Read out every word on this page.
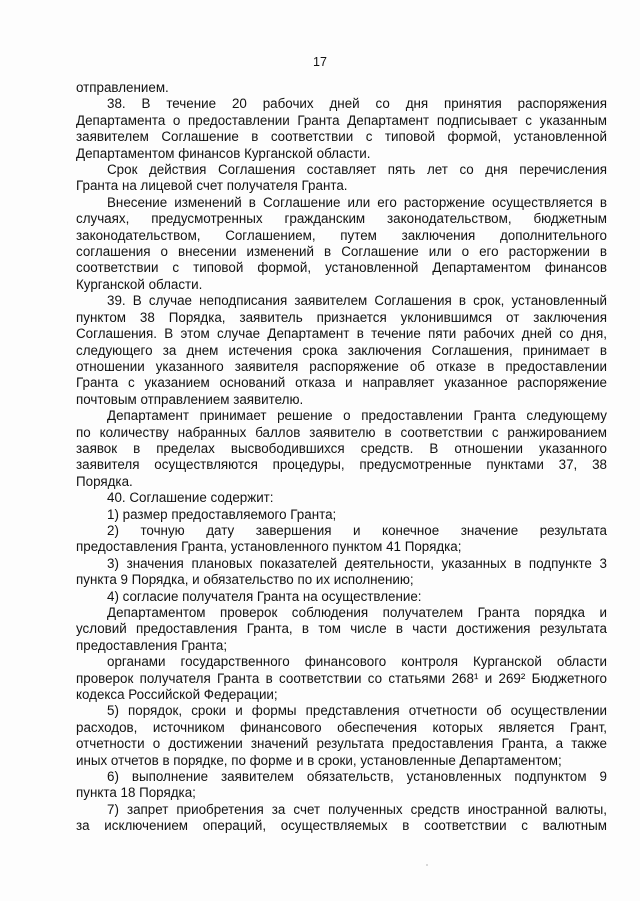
17

отправлением.

38. В течение 20 рабочих дней со дня принятия распоряжения

Департамента о предоставлении Гранта Департамент подписывает с указанным

заявителем Соглашение в соответствии с типовой формой, установленной

Департаментом финансов Курганской области.

Срок действия Соглашения составляет пять лет со дня перечисления

Гранта на лицевой счет получателя Гранта.

Внесение изменений в Соглашение или его расторжение осуществляется в

случаях, предусмотренных гражданским законодательством, бюджетным

законодательством, Соглашением, путем заключения дополнительного

соглашения о внесении изменений в Соглашение или о его расторжении в

соответствии с типовой формой, установленной Департаментом финансов

Курганской области.

39. В случае неподписания заявителем Соглашения в срок, установленный

пунктом 38 Порядка, заявитель признается уклонившимся от заключения

Соглашения. В этом случае Департамент в течение пяти рабочих дней со дня,

следующего за днем истечения срока заключения Соглашения, принимает в

отношении указанного заявителя распоряжение об отказе в предоставлении

Гранта с указанием оснований отказа и направляет указанное распоряжение

почтовым отправлением заявителю.

Департамент принимает решение о предоставлении Гранта следующему

по количеству набранных баллов заявителю в соответствии с ранжированием

заявок в пределах высвободившихся средств. В отношении указанного

заявителя осуществляются процедуры, предусмотренные пунктами 37, 38

Порядка.

40. Соглашение содержит:

1) размер предоставляемого Гранта;

2) точную дату завершения и конечное значение результата

предоставления Гранта, установленного пунктом 41 Порядка;

3) значения плановых показателей деятельности, указанных в подпункте 3

пункта 9 Порядка, и обязательство по их исполнению;

4) согласие получателя Гранта на осуществление:

Департаментом проверок соблюдения получателем Гранта порядка и

условий предоставления Гранта, в том числе в части достижения результата

предоставления Гранта;

органами государственного финансового контроля Курганской области

проверок получателя Гранта в соответствии со статьями 268¹ и 269² Бюджетного

кодекса Российской Федерации;

5) порядок, сроки и формы представления отчетности об осуществлении

расходов, источником финансового обеспечения которых является Грант,

отчетности о достижении значений результата предоставления Гранта, а также

иных отчетов в порядке, по форме и в сроки, установленные Департаментом;

6) выполнение заявителем обязательств, установленных подпунктом 9

пункта 18 Порядка;

7) запрет приобретения за счет полученных средств иностранной валюты,

за исключением операций, осуществляемых в соответствии с валютным
